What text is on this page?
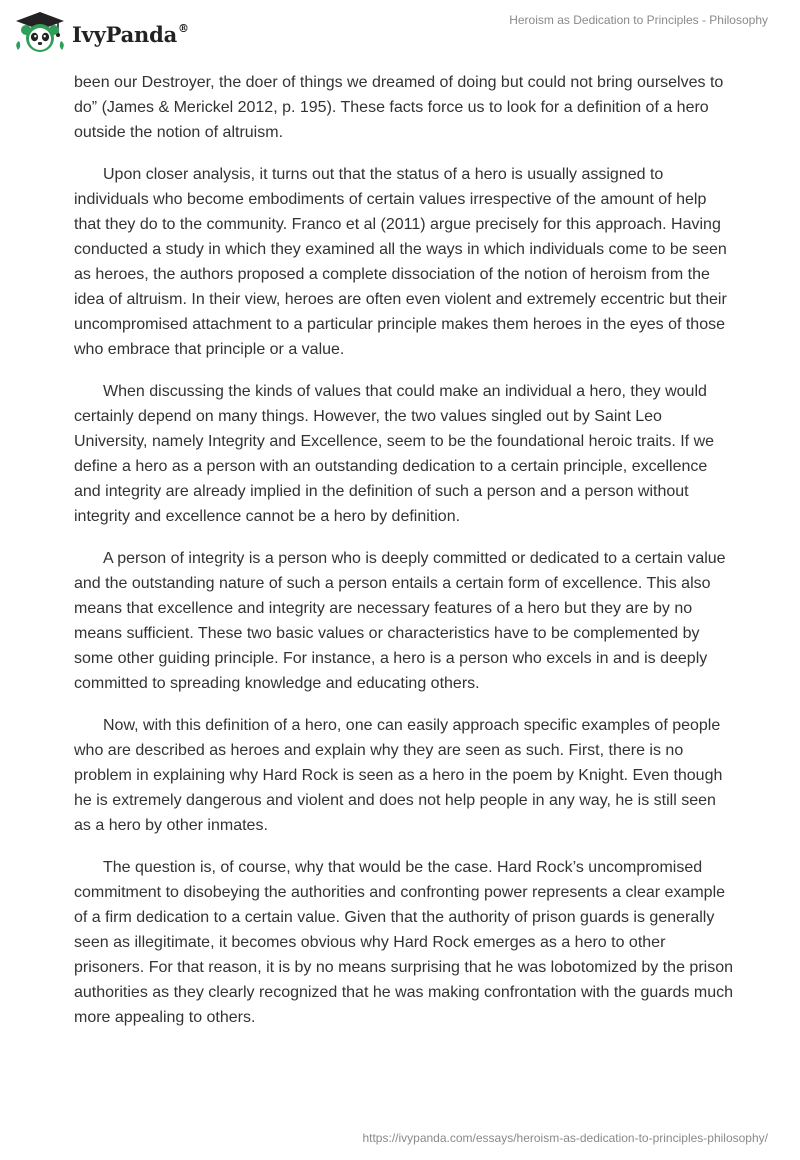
IvyPanda®
Heroism as Dedication to Principles - Philosophy

been our Destroyer, the doer of things we dreamed of doing but could not bring ourselves to do” (James & Merickel 2012, p. 195). These facts force us to look for a definition of a hero outside the notion of altruism.

Upon closer analysis, it turns out that the status of a hero is usually assigned to individuals who become embodiments of certain values irrespective of the amount of help that they do to the community. Franco et al (2011) argue precisely for this approach. Having conducted a study in which they examined all the ways in which individuals come to be seen as heroes, the authors proposed a complete dissociation of the notion of heroism from the idea of altruism. In their view, heroes are often even violent and extremely eccentric but their uncompromised attachment to a particular principle makes them heroes in the eyes of those who embrace that principle or a value.

When discussing the kinds of values that could make an individual a hero, they would certainly depend on many things. However, the two values singled out by Saint Leo University, namely Integrity and Excellence, seem to be the foundational heroic traits. If we define a hero as a person with an outstanding dedication to a certain principle, excellence and integrity are already implied in the definition of such a person and a person without integrity and excellence cannot be a hero by definition.

A person of integrity is a person who is deeply committed or dedicated to a certain value and the outstanding nature of such a person entails a certain form of excellence. This also means that excellence and integrity are necessary features of a hero but they are by no means sufficient. These two basic values or characteristics have to be complemented by some other guiding principle. For instance, a hero is a person who excels in and is deeply committed to spreading knowledge and educating others.

Now, with this definition of a hero, one can easily approach specific examples of people who are described as heroes and explain why they are seen as such. First, there is no problem in explaining why Hard Rock is seen as a hero in the poem by Knight. Even though he is extremely dangerous and violent and does not help people in any way, he is still seen as a hero by other inmates.

The question is, of course, why that would be the case. Hard Rock’s uncompromised commitment to disobeying the authorities and confronting power represents a clear example of a firm dedication to a certain value. Given that the authority of prison guards is generally seen as illegitimate, it becomes obvious why Hard Rock emerges as a hero to other prisoners. For that reason, it is by no means surprising that he was lobotomized by the prison authorities as they clearly recognized that he was making confrontation with the guards much more appealing to others.

https://ivypanda.com/essays/heroism-as-dedication-to-principles-philosophy/
